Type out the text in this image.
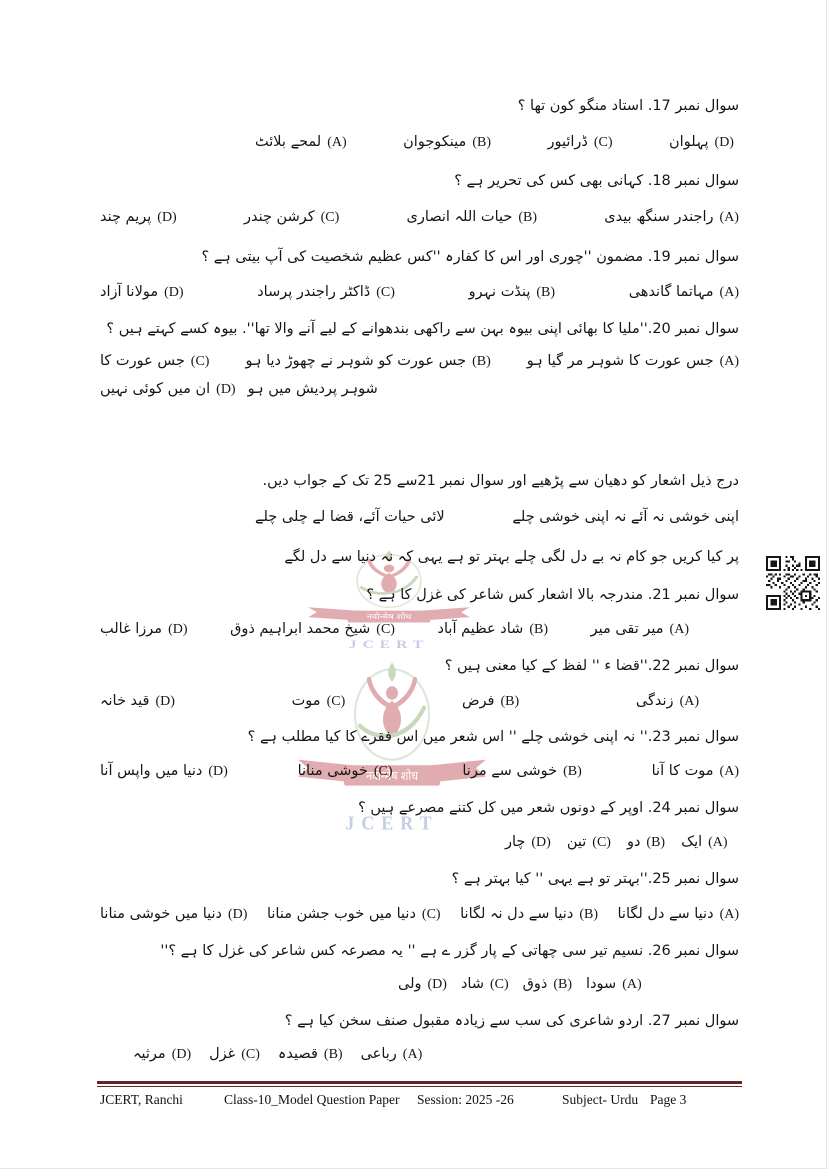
سوال نمبر 17. استاد منگو کون تھا ؟
لمحے بلائٹ (A)	مینکوجوان (B)	ڈرائیور (C)	پہلوان (D)
سوال نمبر 18. کہانی بھی کس کی تحریر ہے ؟
پریم چند (D)	کرشن چندر (C)	حیات اللہ انصاری (B)	راجندر سنگھ بیدی (A)
سوال نمبر 19. مضمون ''چوری اور اس کا کفارہ ''کس عظیم شخصیت کی آپ بیتی ہے ؟
مولانا آزاد (D)	ڈاکٹر راجندر پرساد (C)	پنڈت نہرو (B)	مہاتما گاندھی (A)
سوال نمبر 20.''ملیا کا بھائی اپنی بیوہ بہن سے راکھی بندھوانے کے لیے آنے والا تھا''. بیوہ کسے کہتے ہیں ؟
جس عورت کا (C) جس عورت کو شوہر نے چھوڑ دیا ہو (B) جس عورت کا شوہر مر گیا ہو (A)
ان میں کوئی نہیں (D) شوہر پردیش میں ہو
درج ذیل اشعار کو دھیان سے پڑھیے اور سوال نمبر 21سے 25 تک کے جواب دیں.
اپنی خوشی نہ آئے نہ اپنی خوشی چلے
لائی حیات آئے، قضا لے چلی چلے
پر کیا کریں جو کام نہ بے دل لگی چلے بہتر تو ہے یہی کہ نہ دنیا سے دل لگے
سوال نمبر 21. مندرجہ بالا اشعار کس شاعر کی غزل کا ہے ؟
مرزا غالب (D)	شیخ محمد ابراہیم ذوق (C)	شاد عظیم آباد (B)	میر تقی میر (A)
سوال نمبر 22.''قضا ء '' لفظ کے کیا معنی ہیں ؟
قید خانہ (D)	موت (C)	فرض (B)	زندگی (A)
سوال نمبر 23.'' نہ اپنی خوشی چلے '' اس شعر میں اس فقرے کا کیا مطلب ہے ؟
دنیا میں واپس آنا (D)	خوشی منانا (C)	خوشی سے مرنا (B)	موت کا آنا (A)
سوال نمبر 24. اوپر کے دونوں شعر میں کل کتنے مصرعے ہیں ؟
چار (D) تین (C) دو (B) ایک (A)
سوال نمبر 25.''بہتر تو ہے یہی '' کیا بہتر ہے ؟
دنیا میں خوشی منانا (D) دنیا میں خوب جشن منانا (C) دنیا سے دل نہ لگانا (B) دنیا سے دل لگانا (A)
سوال نمبر 26. نسیم تیر سی چھاتی کے پار گزر ے ہے '' یہ مصرعہ کس شاعر کی غزل کا ہے ؟''
ولی (D) شاد (C) ذوق (B) سودا (A)
سوال نمبر 27. اردو شاعری کی سب سے زیادہ مقبول صنف سخن کیا ہے ؟
مرثیہ (D) غزل (C) قصیدہ (B) رباعی (A)
JCERT, Ranchi	Class-10_Model Question Paper Session: 2025 -26	Subject- Urdu Page 3
